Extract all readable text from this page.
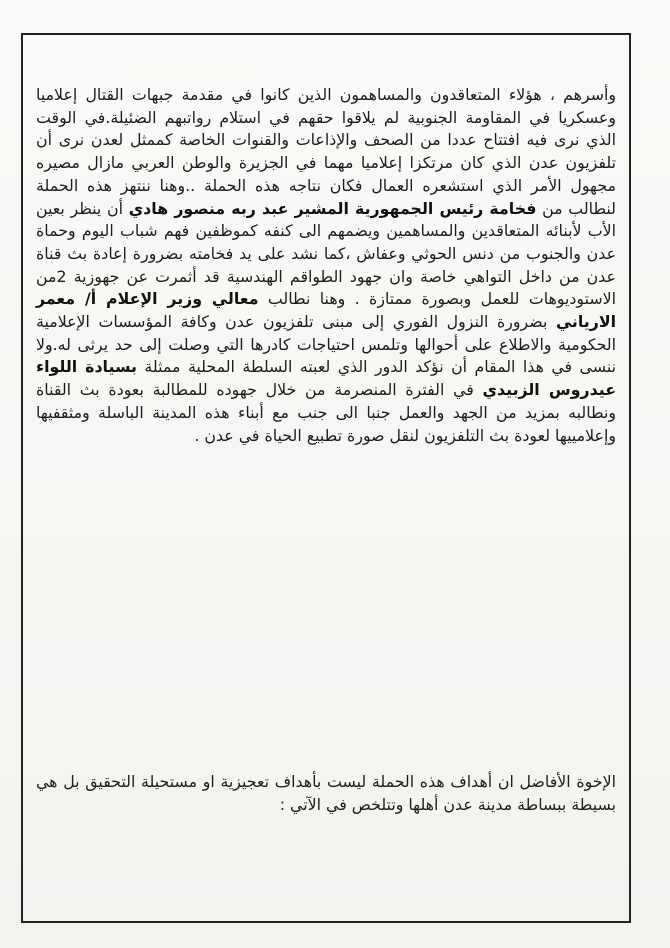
وأسرهم ، هؤلاء المتعاقدون والمساهمون الذين كانوا في مقدمة جبهات القتال إعلاميا وعسكريا في المقاومة الجنوبية لم يلاقوا حقهم في استلام رواتبهم الضئيلة.في الوقت الذي نرى فيه افتتاح عددا من الصحف والإذاعات والقنوات الخاصة كممثل لعدن نرى أن تلفزيون عدن الذي كان مرتكزا إعلاميا مهما في الجزيرة والوطن العربي مازال مصيره مجهول الأمر الذي استشعره العمال فكان نتاجه هذه الحملة ..وهنا ننتهز هذه الحملة لنطالب من فخامة رئيس الجمهورية المشير عبد ربه منصور هادي أن ينظر بعين الأب لأبنائه المتعاقدين والمساهمين ويضمهم الى كنفه كموظفين فهم شباب اليوم وحماة عدن والجنوب من دنس الحوثي وعفاش ،كما نشد على يد فخامته بضرورة إعادة بث قناة عدن من داخل التواهي خاصة وان جهود الطواقم الهندسية قد أثمرت عن جهوزية 2من الاستوديوهات للعمل وبصورة ممتازة . وهنا نطالب معالي وزير الإعلام أ/ معمر الارياني بضرورة النزول الفوري إلى مبنى تلفزيون عدن وكافة المؤسسات الإعلامية الحكومية والاطلاع على أحوالها وتلمس احتياجات كادرها التي وصلت إلى حد يرثى له.ولا ننسى في هذا المقام أن نؤكد الدور الذي لعبته السلطة المحلية ممثلة بسيادة اللواء عيدروس الزبيدي في الفترة المنصرمة من خلال جهوده للمطالبة بعودة بث القناة ونطالبه بمزيد من الجهد والعمل جنبا الى جنب مع أبناء هذه المدينة الباسلة ومثقفيها وإعلامييها لعودة بث التلفزيون لنقل صورة تطبيع الحياة في عدن .

الإخوة الأفاضل ان أهداف هذه الحملة ليست بأهداف تعجيزية او مستحيلة التحقيق بل هي بسيطة ببساطة مدينة عدن أهلها وتتلخص في الآتي :
